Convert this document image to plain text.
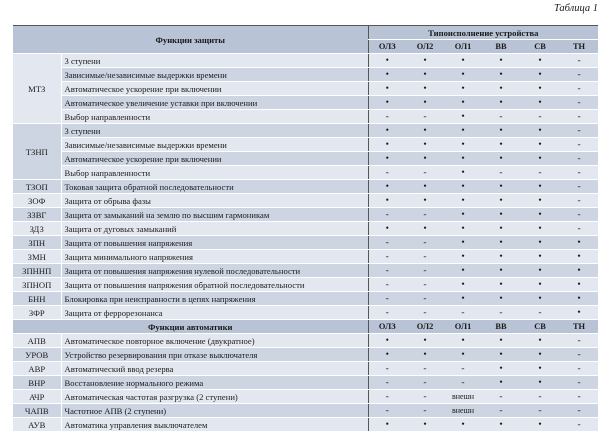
Таблица 1
Функции защиты		Типоисполнение устройства					
		ОЛЗ	ОЛ2	ОЛ1	ВВ	СВ	ТН
МТЗ	3 ступени	•	•	•	•	•	-
	Зависимые/независимые выдержки времени	•	•	•	•	•	-
	Автоматическое ускорение при включении	•	•	•	•	•	-
	Автоматическое увеличение уставки при включении	•	•	•	•	•	-
	Выбор направленности	-	-	•	-	-	-
ТЗНП	3 ступени	•	•	•	•	•	-
	Зависимые/независимые выдержки времени	•	•	•	•	•	-
	Автоматическое ускорение при включении	•	•	•	•	•	-
	Выбор направленности	-	-	•	-	-	-
ТЗОП	Токовая защита обратной последовательности	•	•	•	•	•	-
ЗОФ	Защита от обрыва фазы	•	•	•	•	•	-
ЗЗВГ	Защита от замыканий на землю по высшим гармоникам	-	-	•	•	•	-
ЗДЗ	Защита от дуговых замыканий	•	•	•	•	•	-
ЗПН	Защита от повышения напряжения	-	-	•	•	•	•
ЗМН	Защита минимального напряжения	-	-	•	•	•	•
ЗПННП	Защита от повышения напряжения нулевой последовательности	-	-	•	•	•	•
ЗПНОП	Защита от повышения напряжения обратной последовательности	-	-	•	•	•	•
БНН	Блокировка при неисправности в цепях напряжения	-	-	•	•	•	•
ЗФР	Защита от феррорезонанса	-	-	-	-	-	•
Функции автоматики		ОЛЗ	ОЛ2	ОЛ1	ВВ	СВ	ТН
АПВ	Автоматическое повторное включение (двукратное)	•	•	•	•	•	-
УРОВ	Устройство резервирования при отказе выключателя	•	•	•	•	•	-
АВР	Автоматический ввод резерва	-	-	-	•	•	-
ВНР	Восстановление нормального режима	-	-	-	•	•	-
АЧР	Автоматическая частотая разгрузка (2 ступени)	-	-	внешн	-	-	-
ЧАПВ	Частотное АПВ (2 ступени)	-	-	внешн	-	-	-
АУВ	Автоматика управления выключателем	•	•	•	•	•	-
